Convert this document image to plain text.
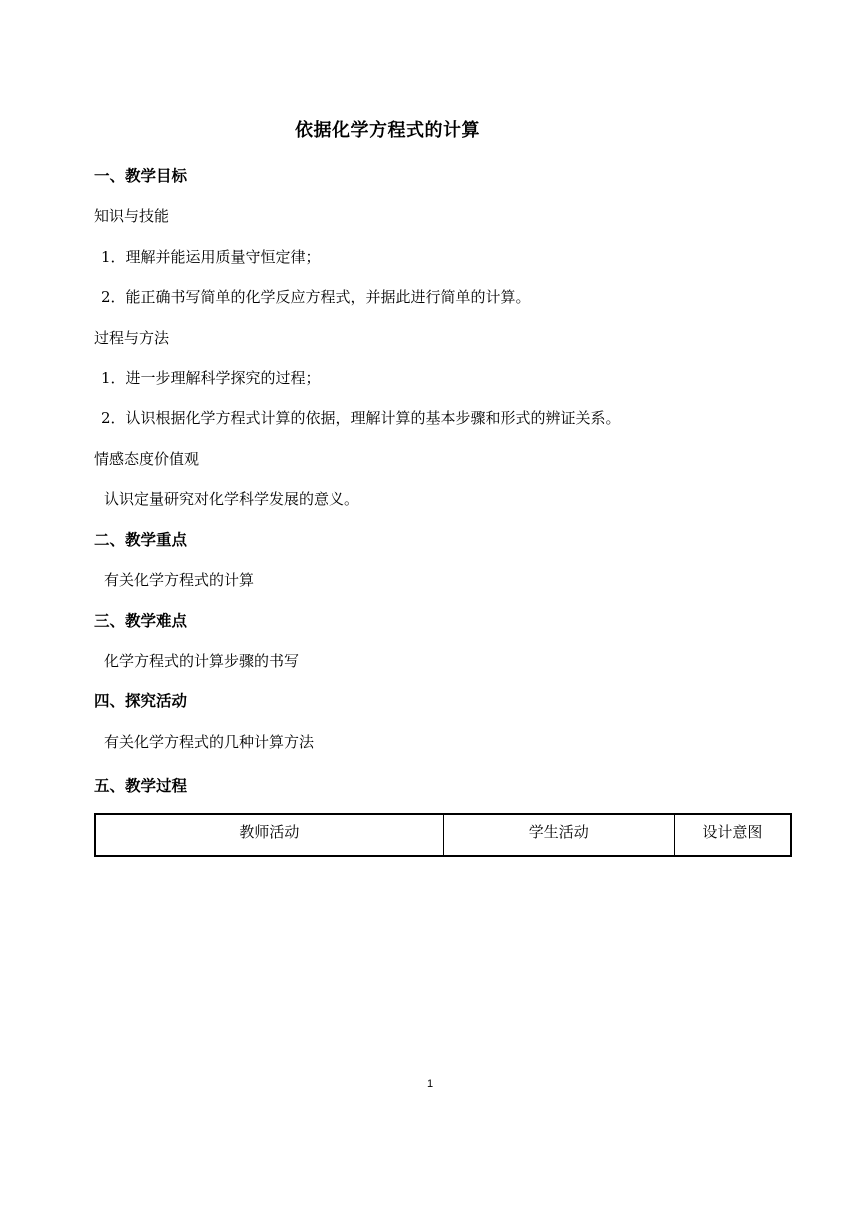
依据化学方程式的计算
一、教学目标
知识与技能
1．理解并能运用质量守恒定律；
2．能正确书写简单的化学反应方程式，并据此进行简单的计算。
过程与方法
1．进一步理解科学探究的过程；
2．认识根据化学方程式计算的依据，理解计算的基本步骤和形式的辨证关系。
情感态度价值观
认识定量研究对化学科学发展的意义。
二、教学重点
有关化学方程式的计算
三、教学难点
化学方程式的计算步骤的书写
四、探究活动
有关化学方程式的几种计算方法
五、教学过程
教师活动	学生活动	设计意图
1
